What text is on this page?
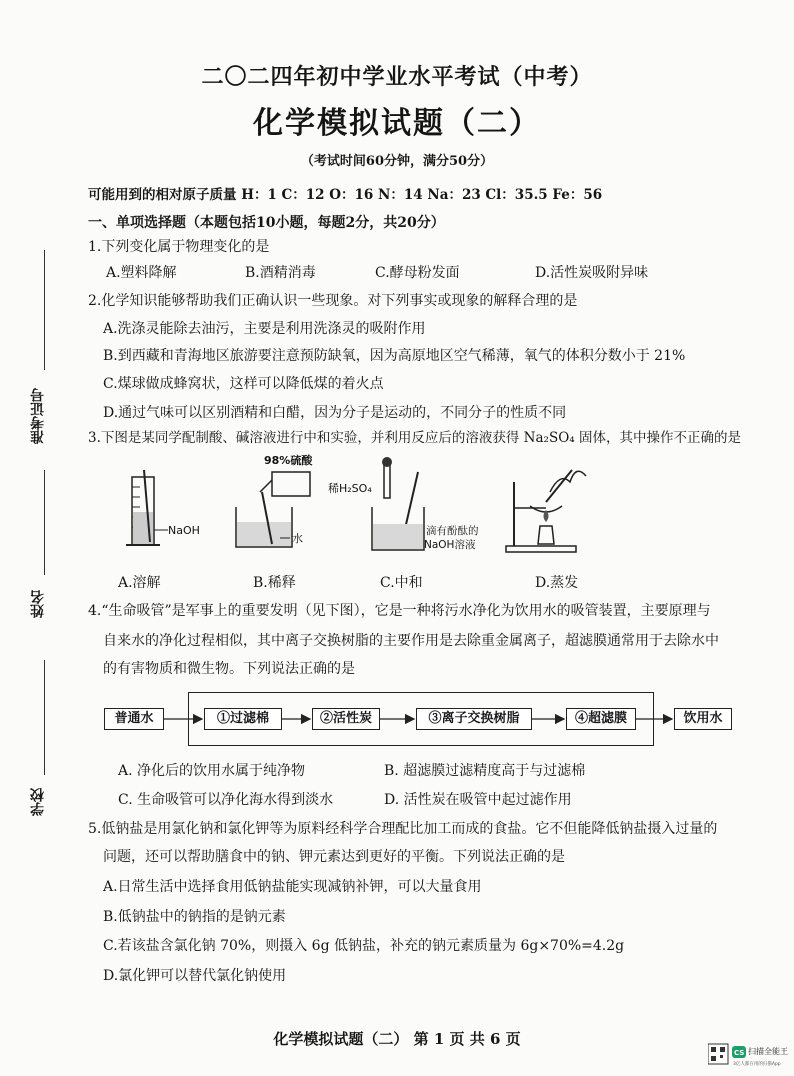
二〇二四年初中学业水平考试（中考）
化学模拟试题（二）
（考试时间60分钟，满分50分）
可能用到的相对原子质量 H：1 C：12 O：16 N：14 Na：23 Cl：35.5 Fe：56
准考证号
姓名
学校
一、单项选择题（本题包括10小题，每题2分，共20分）
1.下列变化属于物理变化的是
A.塑料降解	B.酒精消毒	C.酵母粉发面	D.活性炭吸附异味
2.化学知识能够帮助我们正确认识一些现象。对下列事实或现象的解释合理的是
A.洗涤灵能除去油污，主要是利用洗涤灵的吸附作用
B.到西藏和青海地区旅游要注意预防缺氧，因为高原地区空气稀薄，氧气的体积分数小于 21%
C.煤球做成蜂窝状，这样可以降低煤的着火点
D.通过气味可以区别酒精和白醋，因为分子是运动的，不同分子的性质不同
3.下图是某同学配制酸、碱溶液进行中和实验，并利用反应后的溶液获得 Na₂SO₄ 固体，其中操作不正确的是
NaOH
98%硫酸
水
稀H₂SO₄
滴有酚酞的
NaOH溶液
A.溶解	B.稀释	C.中和	D.蒸发
4.“生命吸管”是军事上的重要发明（见下图），它是一种将污水净化为饮用水的吸管装置，主要原理与
自来水的净化过程相似，其中离子交换树脂的主要作用是去除重金属离子，超滤膜通常用于去除水中
的有害物质和微生物。下列说法正确的是
普通水	①过滤棉	②活性炭	③离子交换树脂	④超滤膜	饮用水
A. 净化后的饮用水属于纯净物	B. 超滤膜过滤精度高于与过滤棉
C. 生命吸管可以净化海水得到淡水	D. 活性炭在吸管中起过滤作用
5.低钠盐是用氯化钠和氯化钾等为原料经科学合理配比加工而成的食盐。它不但能降低钠盐摄入过量的
问题，还可以帮助膳食中的钠、钾元素达到更好的平衡。下列说法正确的是
A.日常生活中选择食用低钠盐能实现减钠补钾，可以大量食用
B.低钠盐中的钠指的是钠元素
C.若该盐含氯化钠 70%，则摄入 6g 低钠盐，补充的钠元素质量为 6g×70%=4.2g
D.氯化钾可以替代氯化钠使用
化学模拟试题（二） 第 1 页 共 6 页
CS 扫描全能王
3亿人都在用的扫描App
